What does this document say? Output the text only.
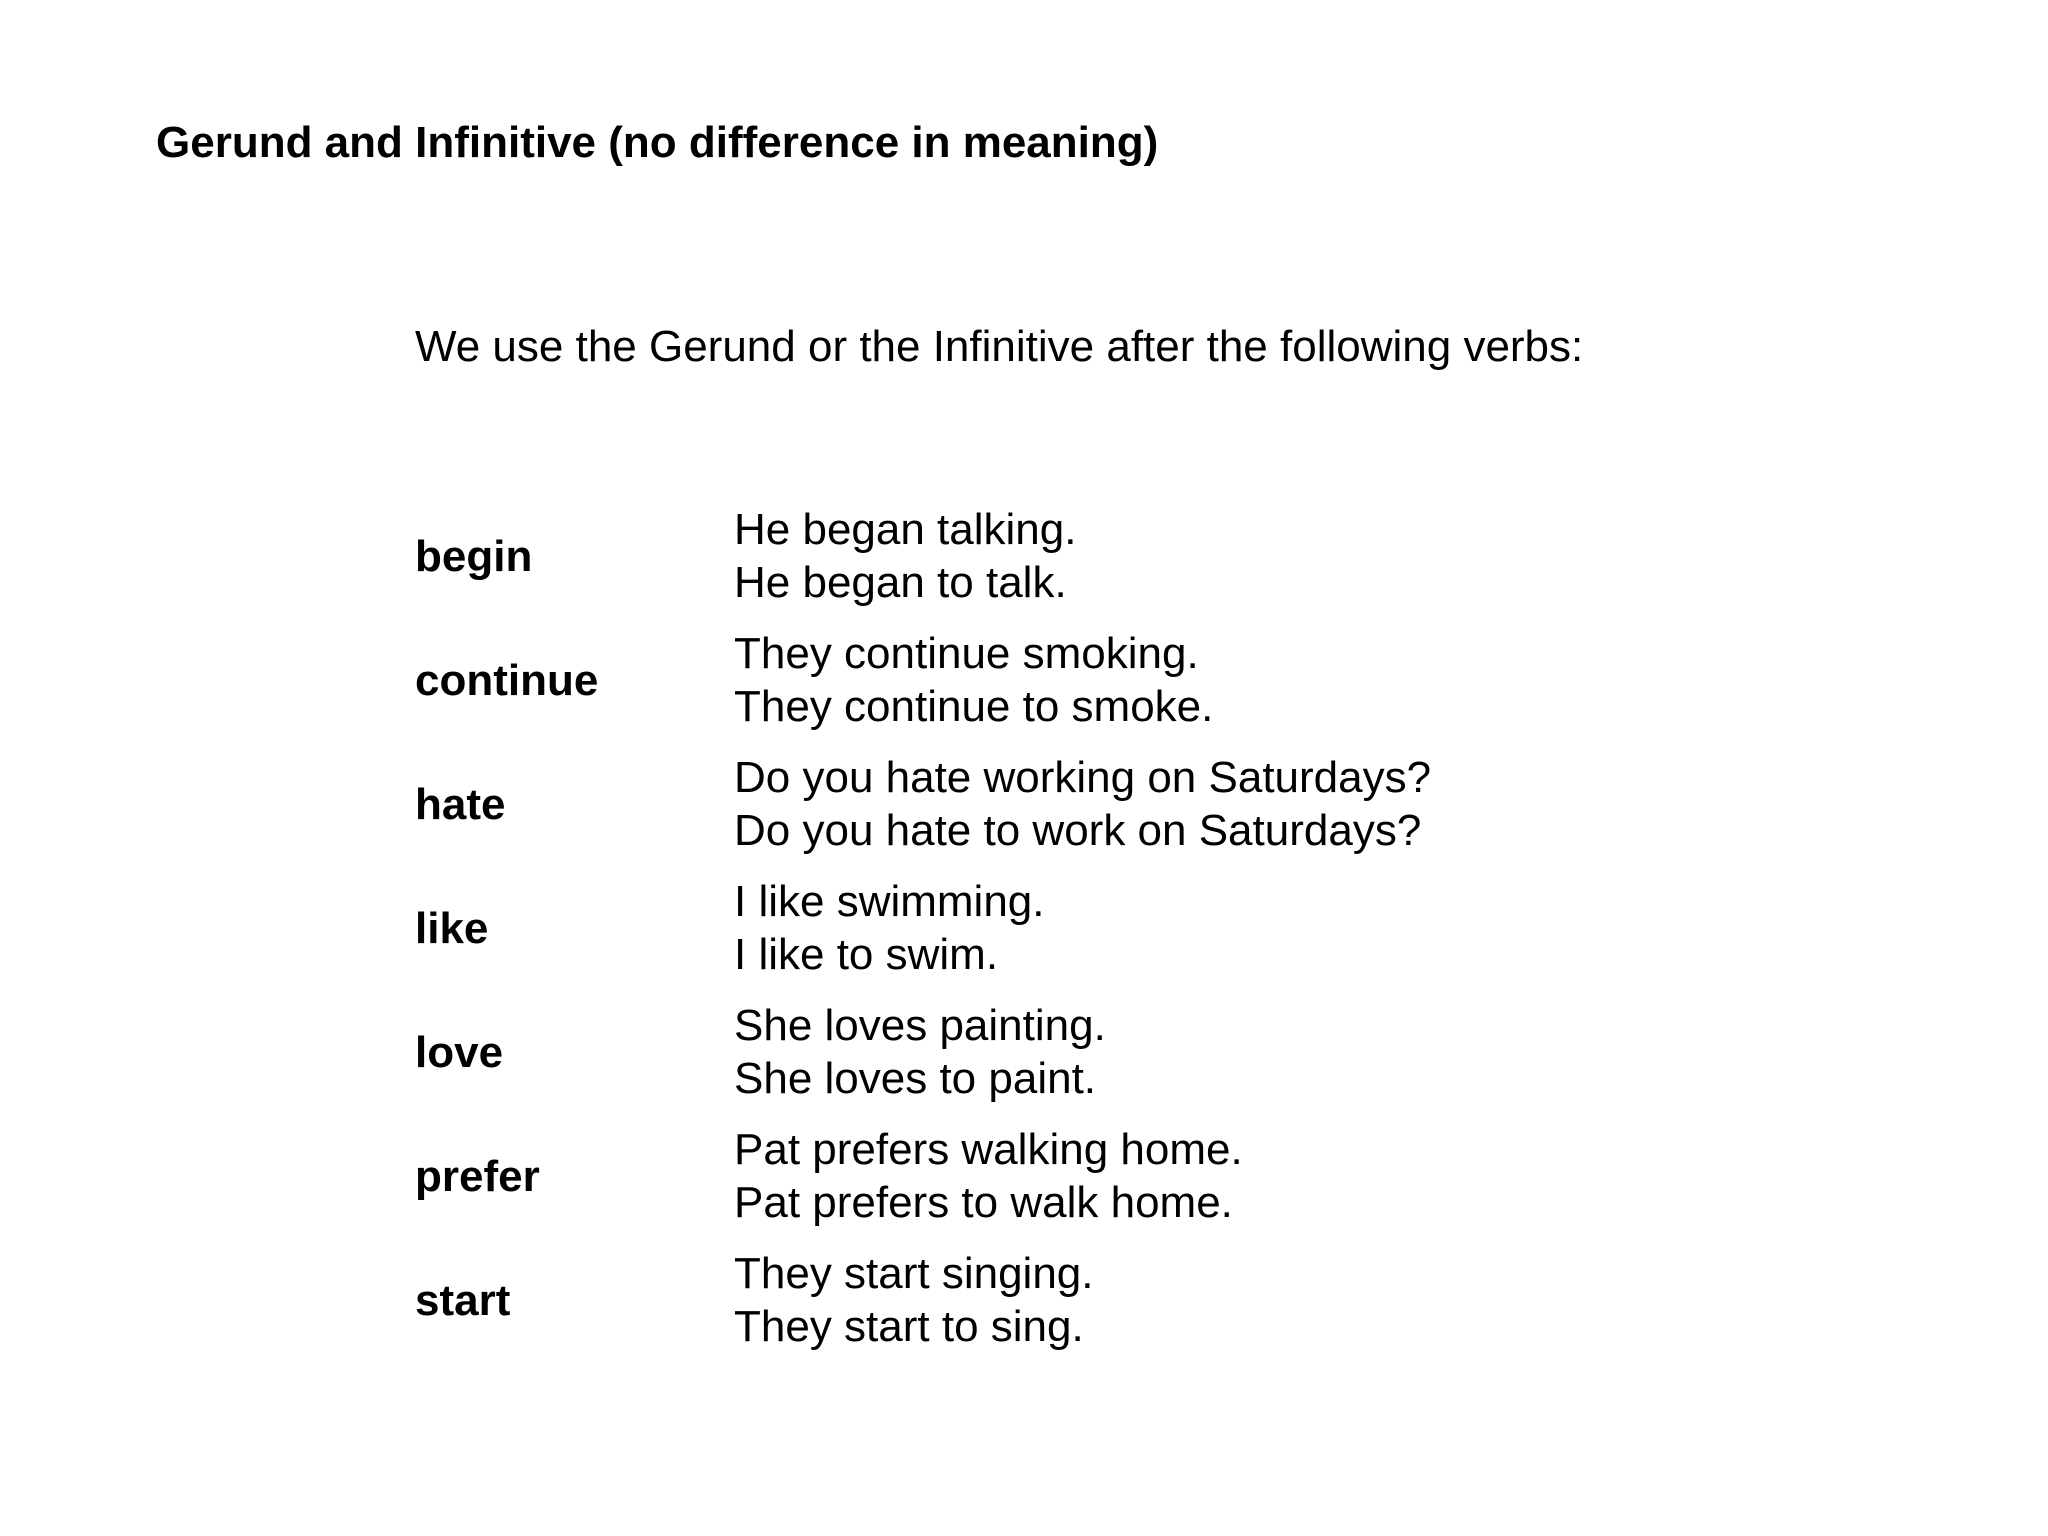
Gerund and Infinitive (no difference in meaning)
We use the Gerund or the Infinitive after the following verbs:
begin
He began talking.
He began to talk.
continue
They continue smoking.
They continue to smoke.
hate
Do you hate working on Saturdays?
Do you hate to work on Saturdays?
like
I like swimming.
I like to swim.
love
She loves painting.
She loves to paint.
prefer
Pat prefers walking home.
Pat prefers to walk home.
start
They start singing.
They start to sing.
